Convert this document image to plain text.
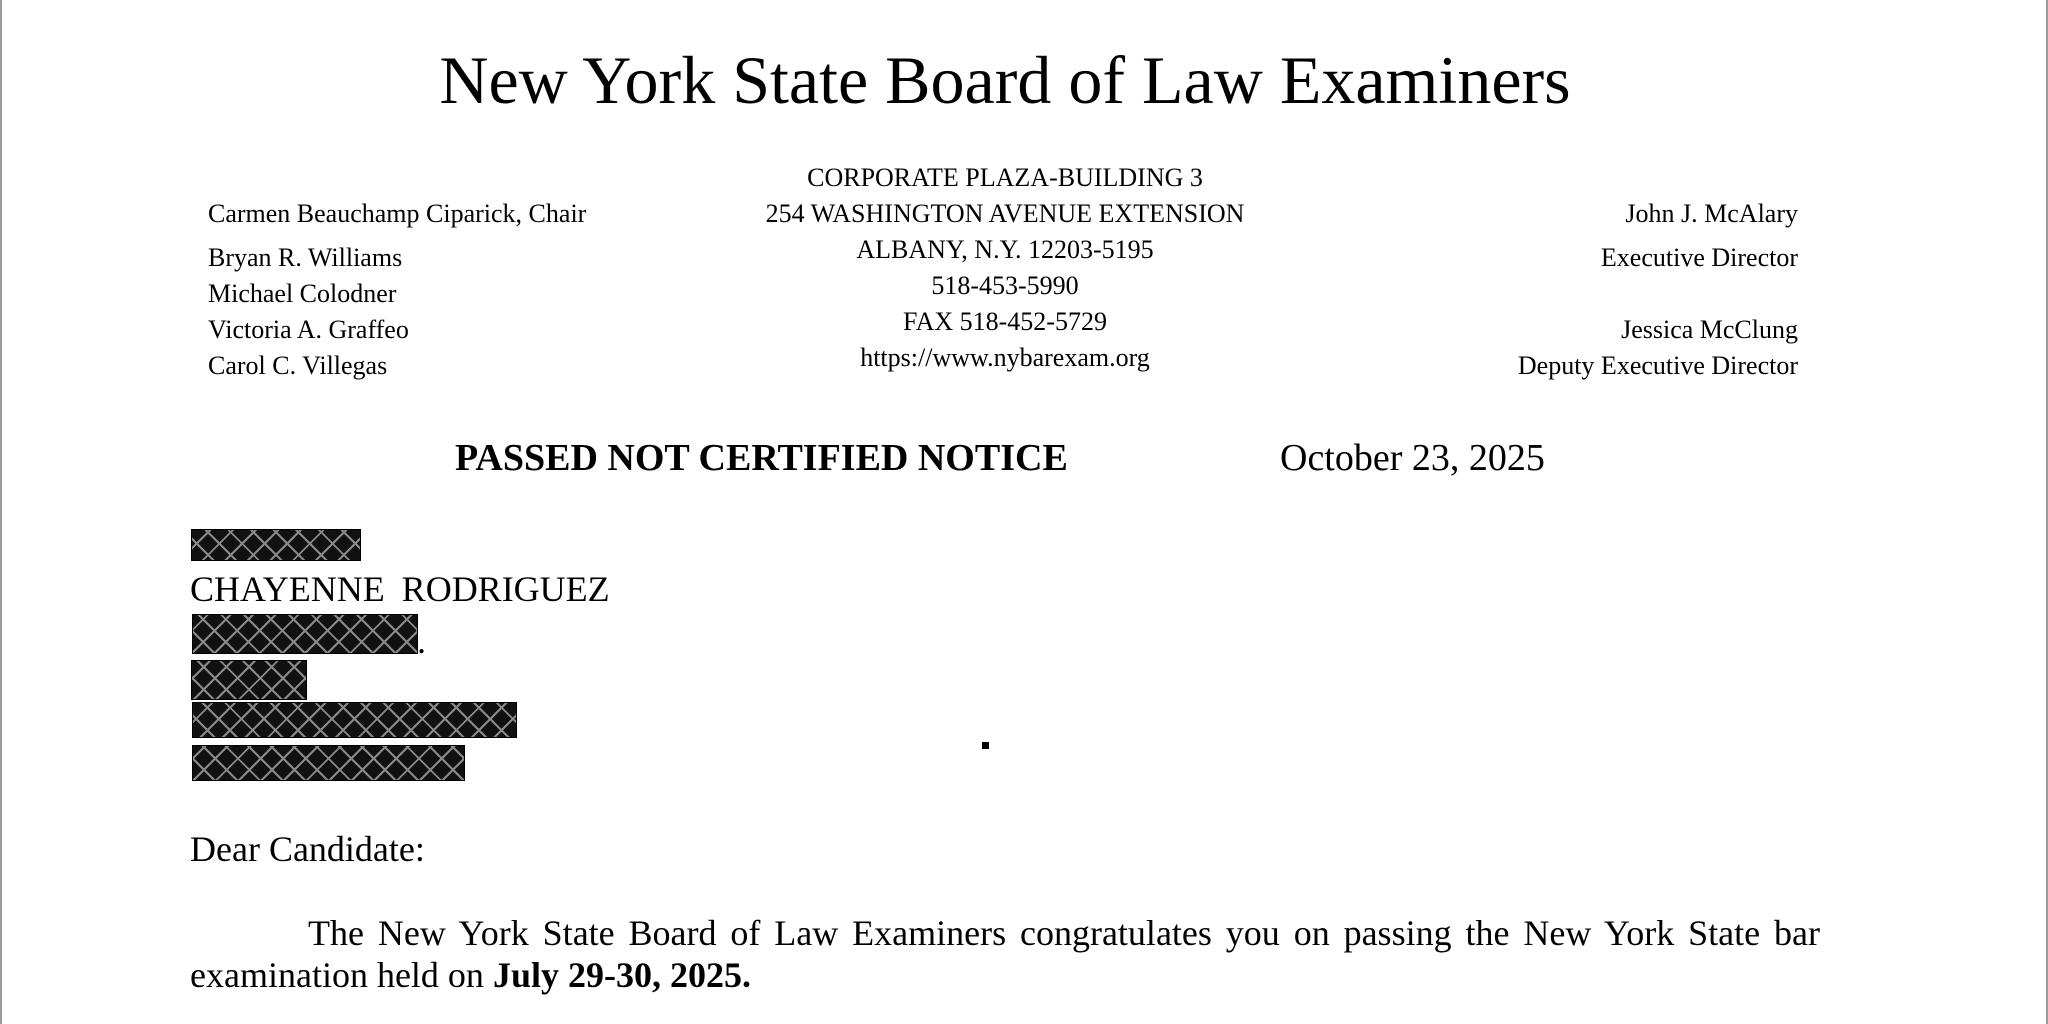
New York State Board of Law Examiners
Carmen Beauchamp Ciparick, Chair
Bryan R. Williams
Michael Colodner
Victoria A. Graffeo
Carol C. Villegas
CORPORATE PLAZA-BUILDING 3
254 WASHINGTON AVENUE EXTENSION
ALBANY, N.Y. 12203-5195
518-453-5990
FAX 518-452-5729
https://www.nybarexam.org
John J. McAlary
Executive Director
Jessica McClung
Deputy Executive Director
PASSED NOT CERTIFIED NOTICE	October 23, 2025
CHAYENNE RODRIGUEZ
.
Dear Candidate:
The New York State Board of Law Examiners congratulates you on passing the New York State bar
examination held on July 29-30, 2025.
